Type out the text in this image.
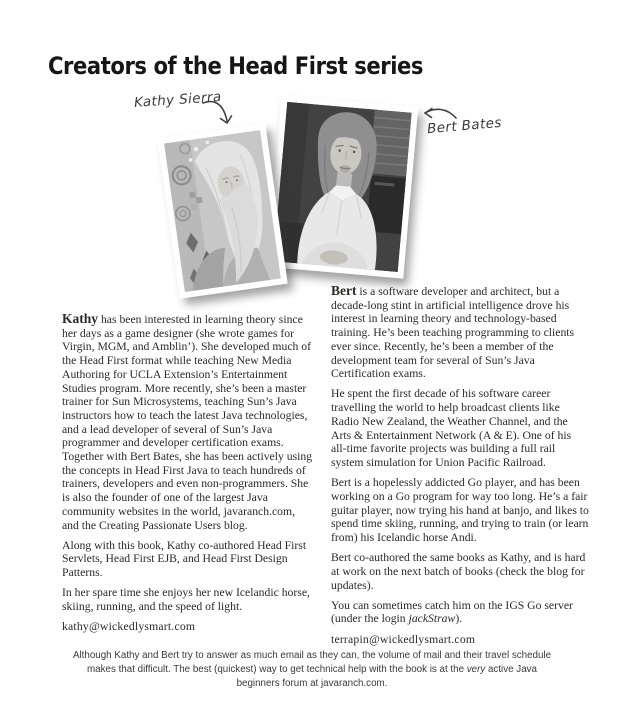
Creators of the Head First series
Kathy Sierra
Bert Bates

Kathy has been interested in learning theory since her days as a game designer (she wrote games for Virgin, MGM, and Amblin’). She developed much of the Head First format while teaching New Media Authoring for UCLA Extension’s Entertainment Studies program. More recently, she’s been a master trainer for Sun Microsystems, teaching Sun’s Java instructors how to teach the latest Java technologies, and a lead developer of several of Sun’s Java programmer and developer certification exams. Together with Bert Bates, she has been actively using the concepts in Head First Java to teach hundreds of trainers, developers and even non-programmers. She is also the founder of one of the largest Java community websites in the world, javaranch.com, and the Creating Passionate Users blog.

Along with this book, Kathy co-authored Head First Servlets, Head First EJB, and Head First Design Patterns.

In her spare time she enjoys her new Icelandic horse, skiing, running, and the speed of light.

kathy@wickedlysmart.com

Bert is a software developer and architect, but a decade-long stint in artificial intelligence drove his interest in learning theory and technology-based training. He’s been teaching programming to clients ever since. Recently, he’s been a member of the development team for several of Sun’s Java Certification exams.

He spent the first decade of his software career travelling the world to help broadcast clients like Radio New Zealand, the Weather Channel, and the Arts & Entertainment Network (A & E). One of his all-time favorite projects was building a full rail system simulation for Union Pacific Railroad.

Bert is a hopelessly addicted Go player, and has been working on a Go program for way too long. He’s a fair guitar player, now trying his hand at banjo, and likes to spend time skiing, running, and trying to train (or learn from) his Icelandic horse Andi.

Bert co-authored the same books as Kathy, and is hard at work on the next batch of books (check the blog for updates).

You can sometimes catch him on the IGS Go server (under the login jackStraw).

terrapin@wickedlysmart.com

Although Kathy and Bert try to answer as much email as they can, the volume of mail and their travel schedule makes that difficult. The best (quickest) way to get technical help with the book is at the very active Java beginners forum at javaranch.com.
